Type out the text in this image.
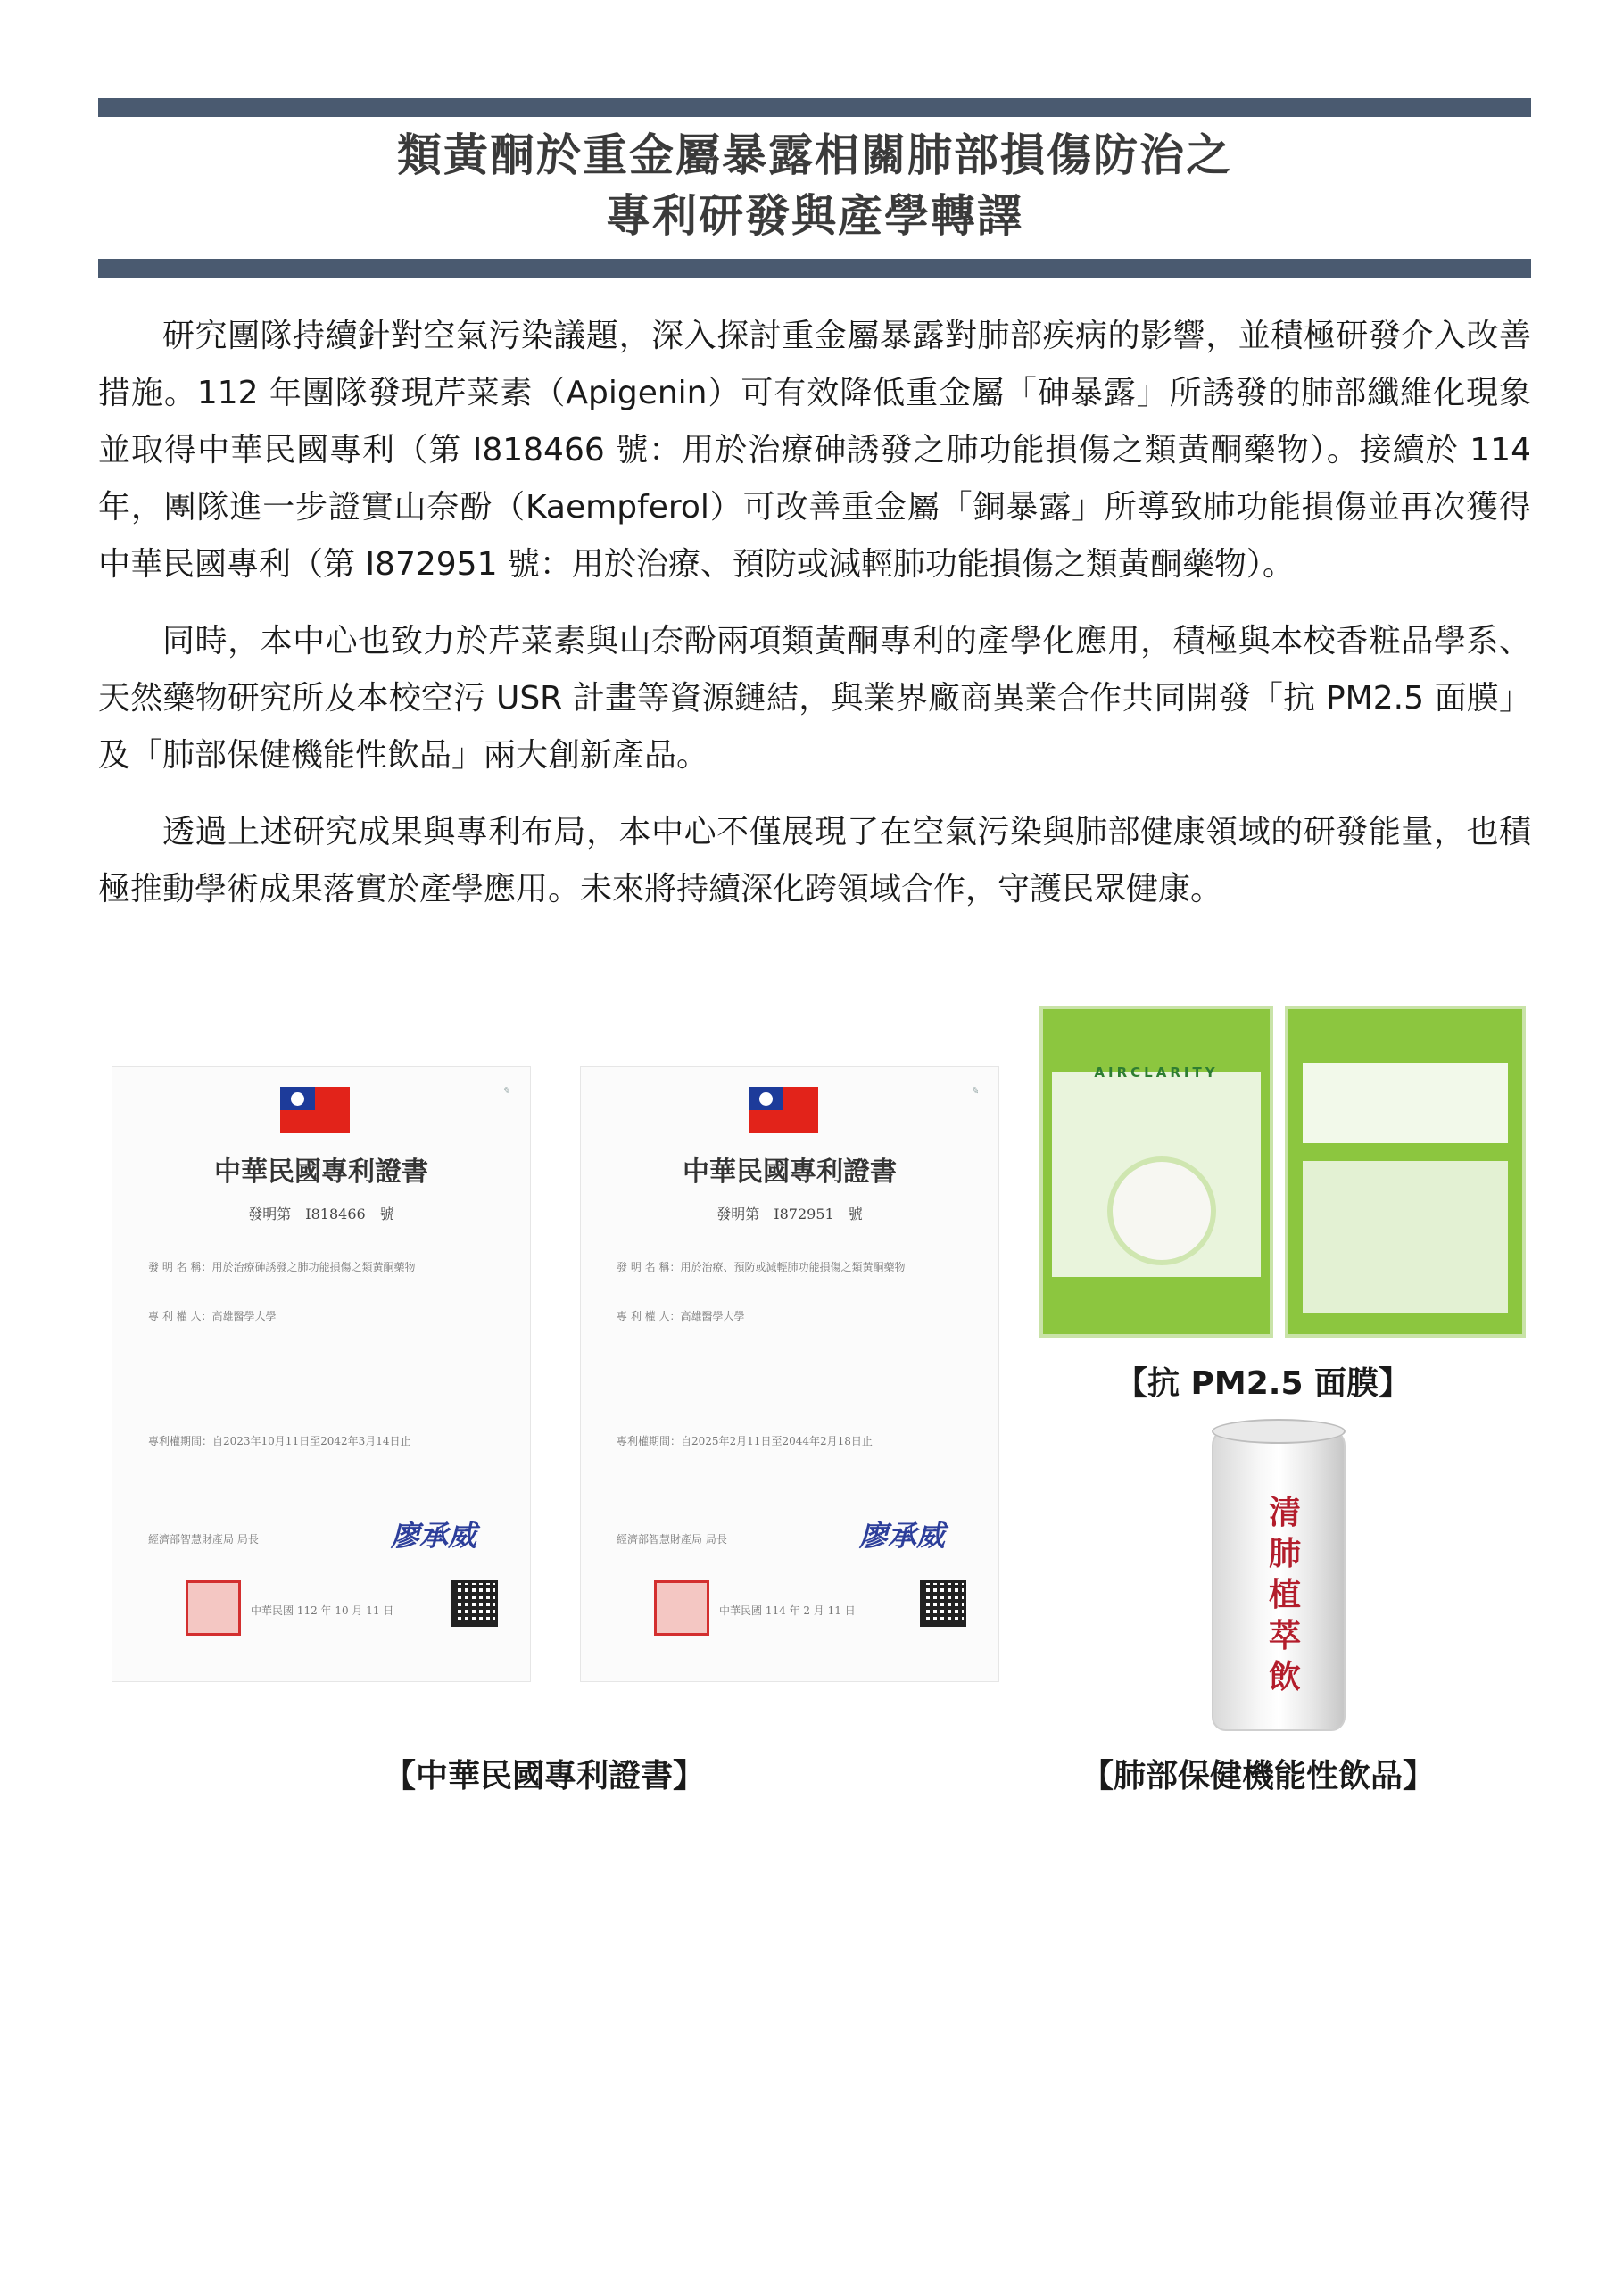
類黃酮於重金屬暴露相關肺部損傷防治之
專利研發與產學轉譯

研究團隊持續針對空氣污染議題，深入探討重金屬暴露對肺部疾病的影響，並積極研發介入改善措施。112 年團隊發現芹菜素（Apigenin）可有效降低重金屬「砷暴露」所誘發的肺部纖維化現象並取得中華民國專利（第 I818466 號：用於治療砷誘發之肺功能損傷之類黃酮藥物）。接續於 114 年，團隊進一步證實山奈酚（Kaempferol）可改善重金屬「銅暴露」所導致肺功能損傷並再次獲得中華民國專利（第 I872951 號：用於治療、預防或減輕肺功能損傷之類黃酮藥物）。

同時，本中心也致力於芹菜素與山奈酚兩項類黃酮專利的產學化應用，積極與本校香粧品學系、天然藥物研究所及本校空污 USR 計畫等資源鏈結，與業界廠商異業合作共同開發「抗 PM2.5 面膜」及「肺部保健機能性飲品」兩大創新產品。

透過上述研究成果與專利布局，本中心不僅展現了在空氣污染與肺部健康領域的研發能量，也積極推動學術成果落實於產學應用。未來將持續深化跨領域合作，守護民眾健康。

✎
中華民國專利證書
發明第　I818466　號
發 明 名 稱：用於治療砷誘發之肺功能損傷之類黃酮藥物
專 利 權 人：高雄醫學大學
專利權期間：自2023年10月11日至2042年3月14日止
經濟部智慧財產局 局長	廖承威
中華民國 112 年 10 月 11 日
✎
中華民國專利證書
發明第　I872951　號
發 明 名 稱：用於治療、預防或減輕肺功能損傷之類黃酮藥物
專 利 權 人：高雄醫學大學
專利權期間：自2025年2月11日至2044年2月18日止
經濟部智慧財產局 局長	廖承威
中華民國 114 年 2 月 11 日
AIRCLARITY
【抗 PM2.5 面膜】
清肺植萃飲
【中華民國專利證書】	【肺部保健機能性飲品】
